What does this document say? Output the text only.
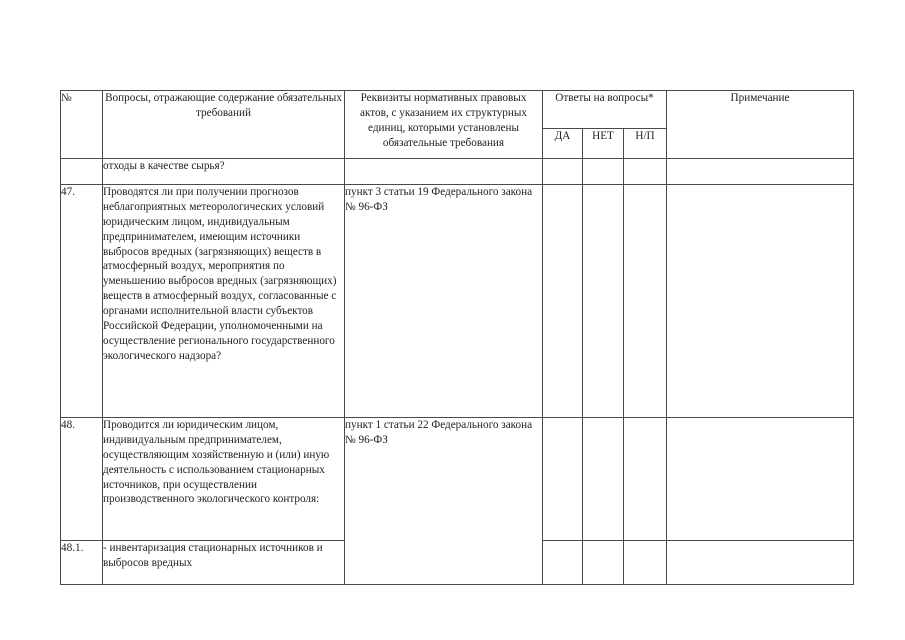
№	Вопросы, отражающие содержание обязательных требований	Реквизиты нормативных правовых актов, с указанием их структурных единиц, которыми установлены обязательные требования	Ответы на вопросы*			Примечание
			ДА	НЕТ	Н/П	
	отходы в качестве сырья?					
47.	Проводятся ли при получении прогнозов неблагоприятных метеорологических условий юридическим лицом, индивидуальным предпринимателем, имеющим источники выбросов вредных (загрязняющих) веществ в атмосферный воздух, мероприятия по уменьшению выбросов вредных (загрязняющих) веществ в атмосферный воздух, согласованные с органами исполнительной власти субъектов Российской Федерации, уполномоченными на осуществление регионального государственного экологического надзора?	пункт 3 статьи 19 Федерального закона № 96-ФЗ				
48.	Проводится ли юридическим лицом, индивидуальным предпринимателем, осуществляющим хозяйственную и (или) иную деятельность с использованием стационарных источников, при осуществлении производственного экологического контроля:	пункт 1 статьи 22 Федерального закона № 96-ФЗ				
48.1.	- инвентаризация стационарных источников и выбросов вредных					
